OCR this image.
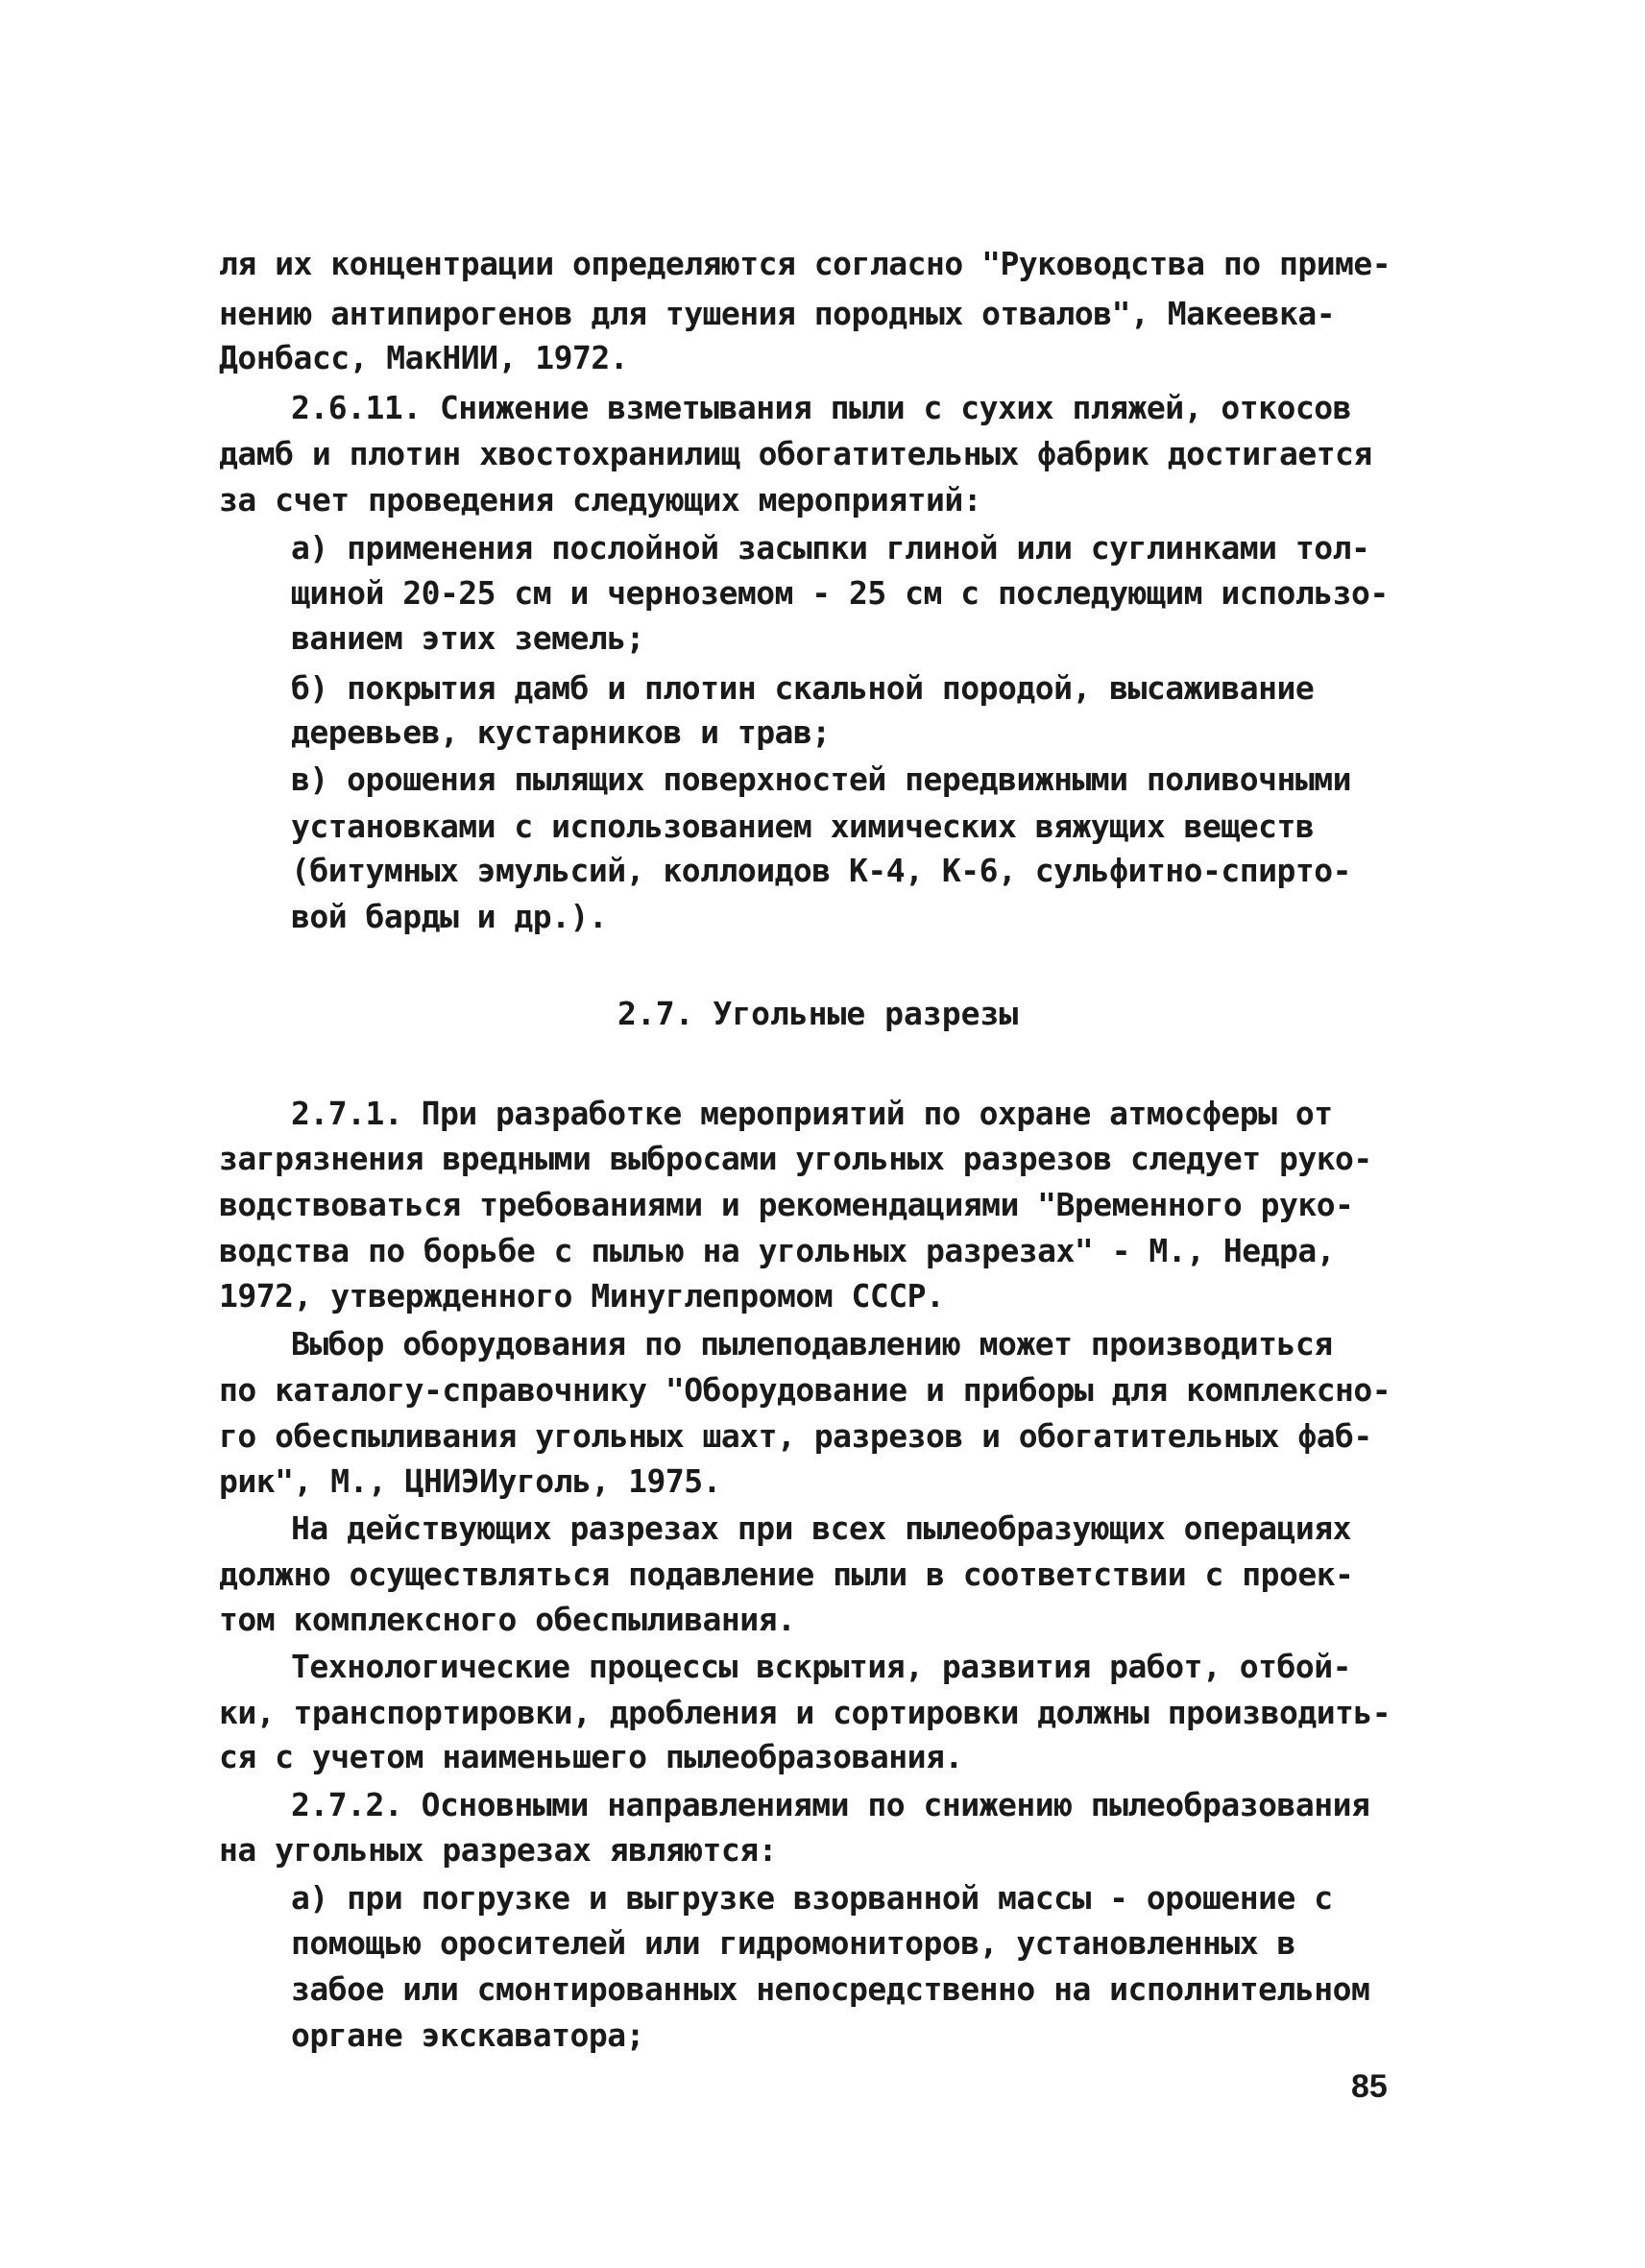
ля их концентрации определяются согласно "Руководства по приме-
нению антипирогенов для тушения породных отвалов", Макеевка-
Донбасс, МакНИИ, 1972.
2.6.11. Снижение взметывания пыли с сухих пляжей, откосов
дамб и плотин хвостохранилищ обогатительных фабрик достигается
за счет проведения следующих мероприятий:
а) применения послойной засыпки глиной или суглинками тол-
щиной 20-25 см и черноземом - 25 см с последующим использо-
ванием этих земель;
б) покрытия дамб и плотин скальной породой, высаживание
деревьев, кустарников и трав;
в) орошения пылящих поверхностей передвижными поливочными
установками с использованием химических вяжущих веществ
(битумных эмульсий, коллоидов К-4, К-6, сульфитно-спирто-
вой барды и др.).
2.7. Угольные разрезы
2.7.1. При разработке мероприятий по охране атмосферы от
загрязнения вредными выбросами угольных разрезов следует руко-
водствоваться требованиями и рекомендациями "Временного руко-
водства по борьбе с пылью на угольных разрезах" - М., Недра,
1972, утвержденного Минуглепромом СССР.
Выбор оборудования по пылеподавлению может производиться
по каталогу-справочнику "Оборудование и приборы для комплексно-
го обеспыливания угольных шахт, разрезов и обогатительных фаб-
рик", М., ЦНИЭИуголь, 1975.
На действующих разрезах при всех пылеобразующих операциях
должно осуществляться подавление пыли в соответствии с проек-
том комплексного обеспыливания.
Технологические процессы вскрытия, развития работ, отбой-
ки, транспортировки, дробления и сортировки должны производить-
ся с учетом наименьшего пылеобразования.
2.7.2. Основными направлениями по снижению пылеобразования
на угольных разрезах являются:
а) при погрузке и выгрузке взорванной массы - орошение с
помощью оросителей или гидромониторов, установленных в
забое или смонтированных непосредственно на исполнительном
органе экскаватора;
85
